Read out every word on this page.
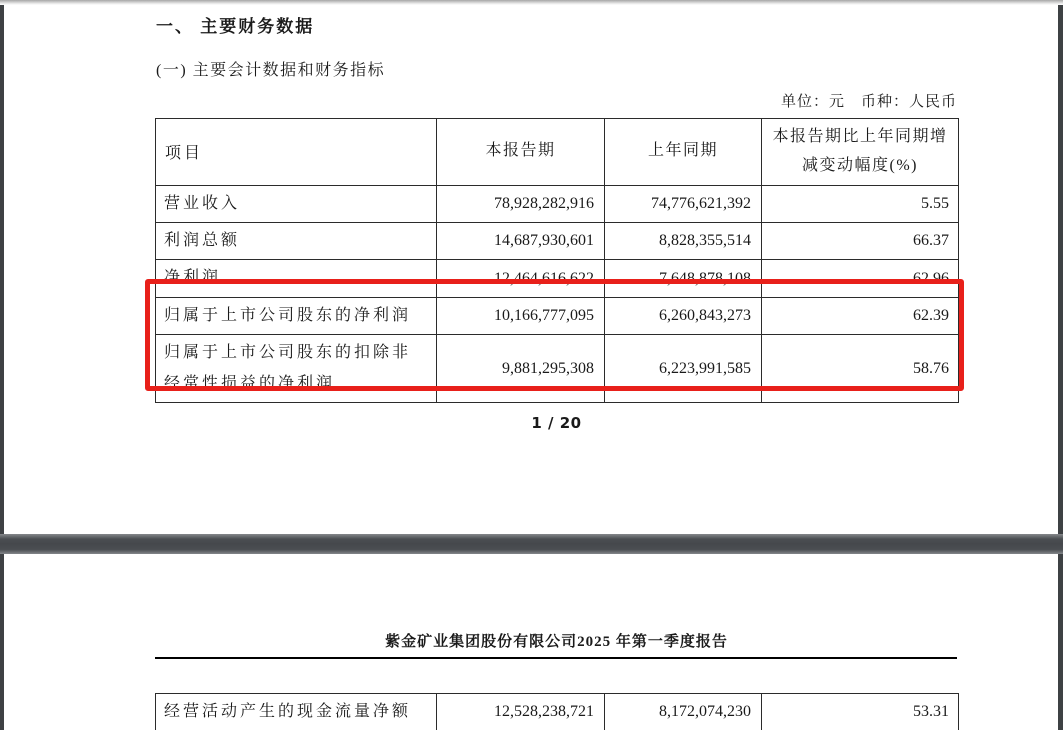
一、 主要财务数据
(一) 主要会计数据和财务指标
单位：元　币种：人民币
项目	本报告期	上年同期	本报告期比上年同期增减变动幅度(%)
营业收入	78,928,282,916	74,776,621,392	5.55
利润总额	14,687,930,601	8,828,355,514	66.37
净利润	12,464,616,622	7,648,878,108	62.96
归属于上市公司股东的净利润	10,166,777,095	6,260,843,273	62.39
归属于上市公司股东的扣除非经常性损益的净利润	9,881,295,308	6,223,991,585	58.76
1 / 20
紫金矿业集团股份有限公司2025 年第一季度报告
经营活动产生的现金流量净额	12,528,238,721	8,172,074,230	53.31
